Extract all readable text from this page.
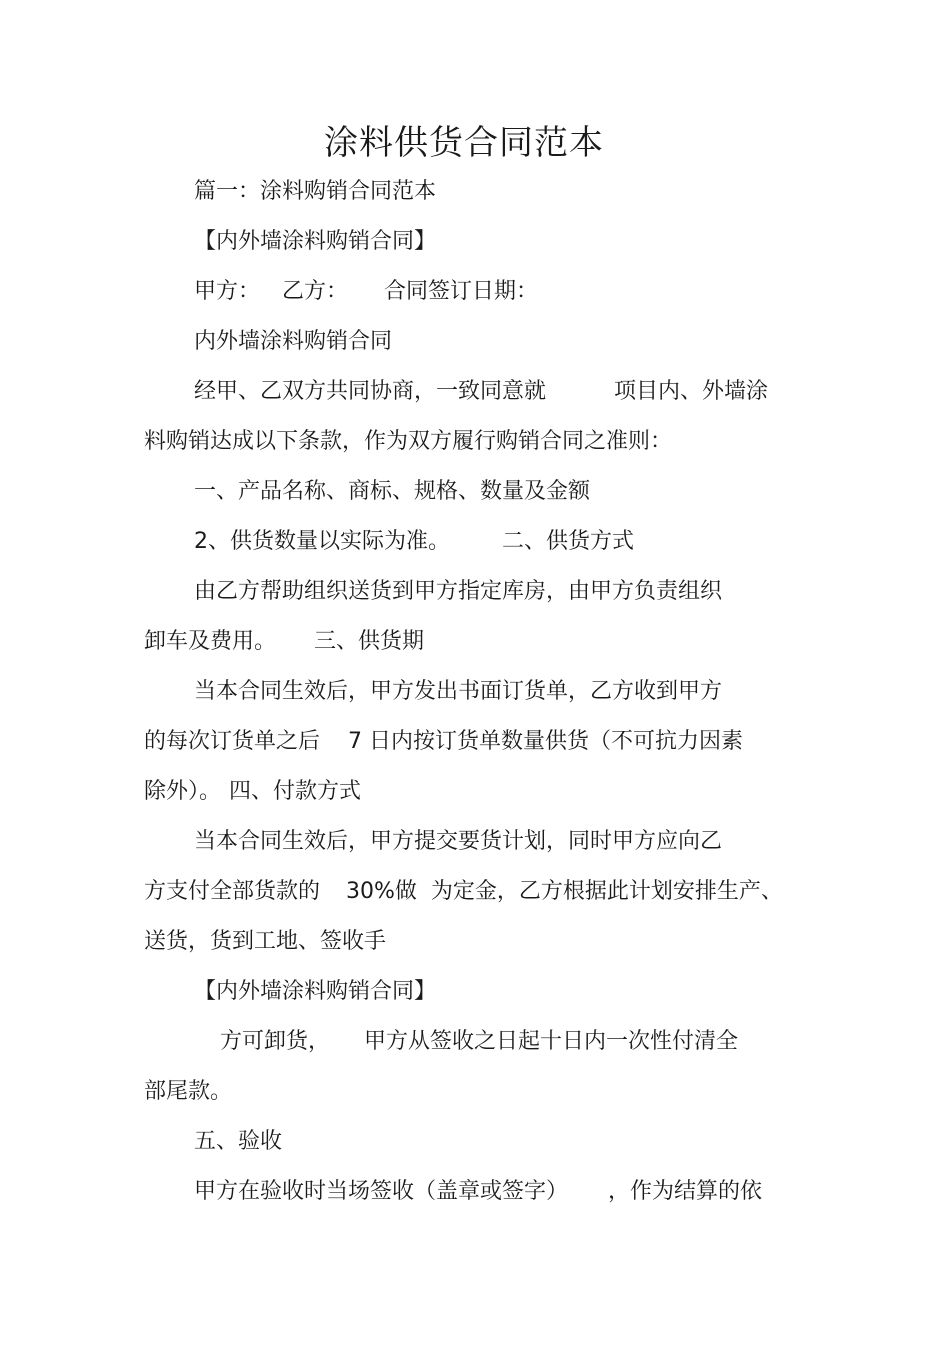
涂料供货合同范本
篇一：涂料购销合同范本
【内外墙涂料购销合同】
甲方： 乙方： 合同签订日期：
内外墙涂料购销合同
经甲、乙双方共同协商，一致同意就	项目内、外墙涂
料购销达成以下条款，作为双方履行购销合同之准则：
一、产品名称、商标、规格、数量及金额
2、供货数量以实际为准。 二、供货方式
由乙方帮助组织送货到甲方指定库房，由甲方负责组织
卸车及费用。 三、供货期
当本合同生效后，甲方发出书面订货单，乙方收到甲方
的每次订货单之后 7 日内按订货单数量供货（不可抗力因素
除外）。 四、付款方式
当本合同生效后，甲方提交要货计划，同时甲方应向乙
方支付全部货款的 30%做 为定金，乙方根据此计划安排生产、
送货，货到工地、签收手
【内外墙涂料购销合同】
方可卸货， 甲方从签收之日起十日内一次性付清全
部尾款。
五、验收
甲方在验收时当场签收（盖章或签字） ，作为结算的依
